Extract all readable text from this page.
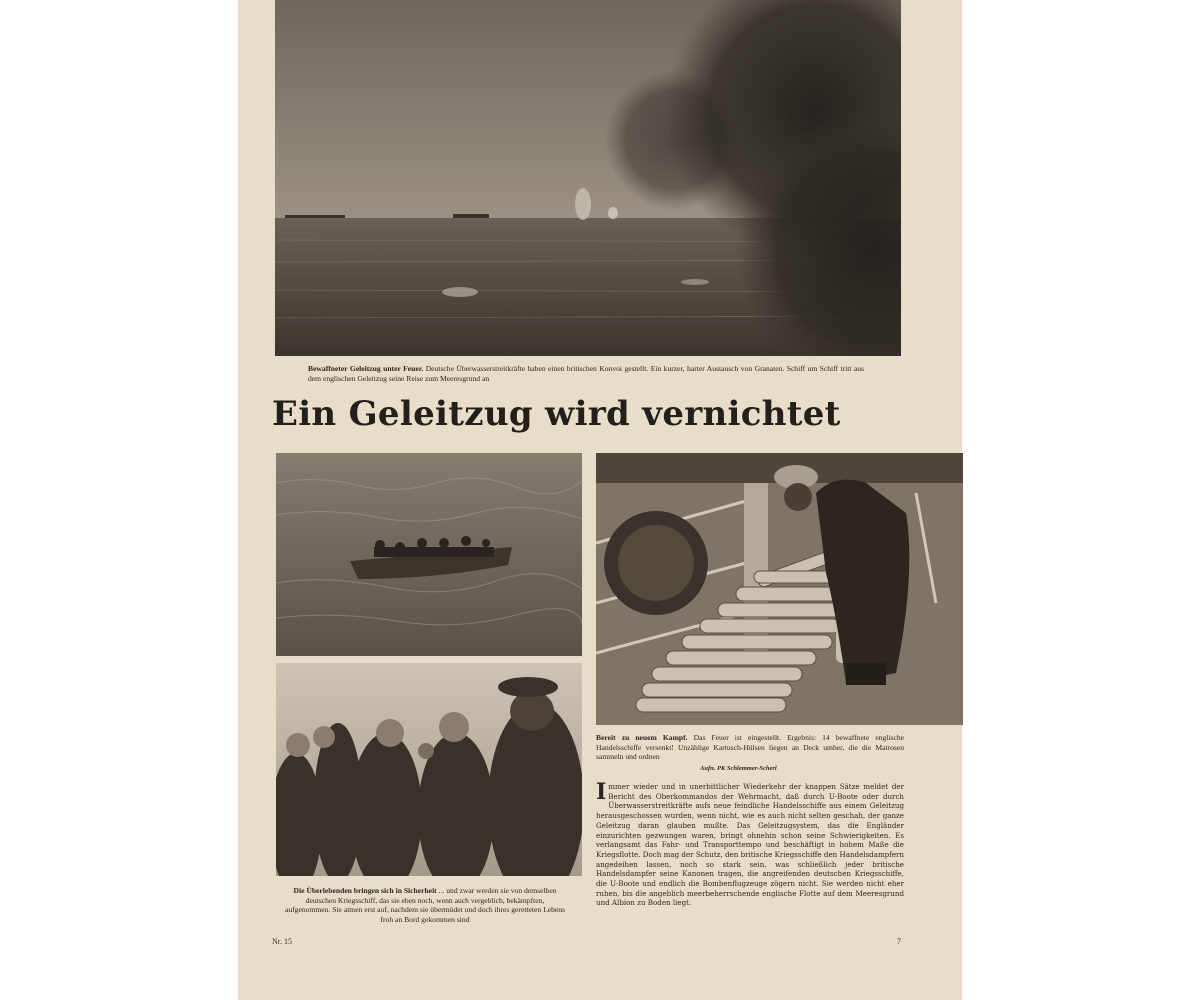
Bewaffneter Geleitzug unter Feuer. Deutsche Überwasserstreitkräfte haben einen britischen Konvoi gestellt. Ein kurzer, harter Austausch von Granaten. Schiff um Schiff tritt aus dem englischen Geleitzug seine Reise zum Meeresgrund an

Ein Geleitzug wird vernichtet

Die Überlebenden bringen sich in Sicherheit ... und zwar werden sie von demselben deutschen Kriegsschiff, das sie eben noch, wenn auch vergeblich, bekämpften, aufgenommen. Sie atmen erst auf, nachdem sie übermüdet und doch ihres geretteten Lebens froh an Bord gekommen sind

Bereit zu neuem Kampf. Das Feuer ist eingestellt. Ergebnis: 14 bewaffnete englische Handelsschiffe versenkt! Unzählige Kartusch-Hülsen liegen an Deck umher, die die Matrosen sammeln und ordnen

Aufn. PK Schlemmer-Scherl

Immer wieder und in unerbittlicher Wiederkehr der knappen Sätze meldet der Bericht des Oberkommandos der Wehrmacht, daß durch U-Boote oder durch Überwasserstreitkräfte aufs neue feindliche Handelsschiffe aus einem Geleitzug herausgeschossen wurden, wenn nicht, wie es auch nicht selten geschah, der ganze Geleitzug daran glauben mußte. Das Geleitzugsystem, das die Engländer einzurichten gezwungen waren, bringt ohnehin schon seine Schwierigkeiten. Es verlangsamt das Fahr- und Transporttempo und beschäftigt in hohem Maße die Kriegsflotte. Doch mag der Schutz, den britische Kriegsschiffe den Handelsdampfern angedeihen lassen, noch so stark sein, was schließlich jeder britische Handelsdampfer seine Kanonen tragen, die angreifenden deutschen Kriegsschiffe, die U-Boote und endlich die Bombenflugzeuge zögern nicht. Sie werden nicht eher ruhen, bis die angeblich meerbeherrschende englische Flotte auf dem Meeresgrund und Albion zu Boden liegt.

Nr. 15	7
